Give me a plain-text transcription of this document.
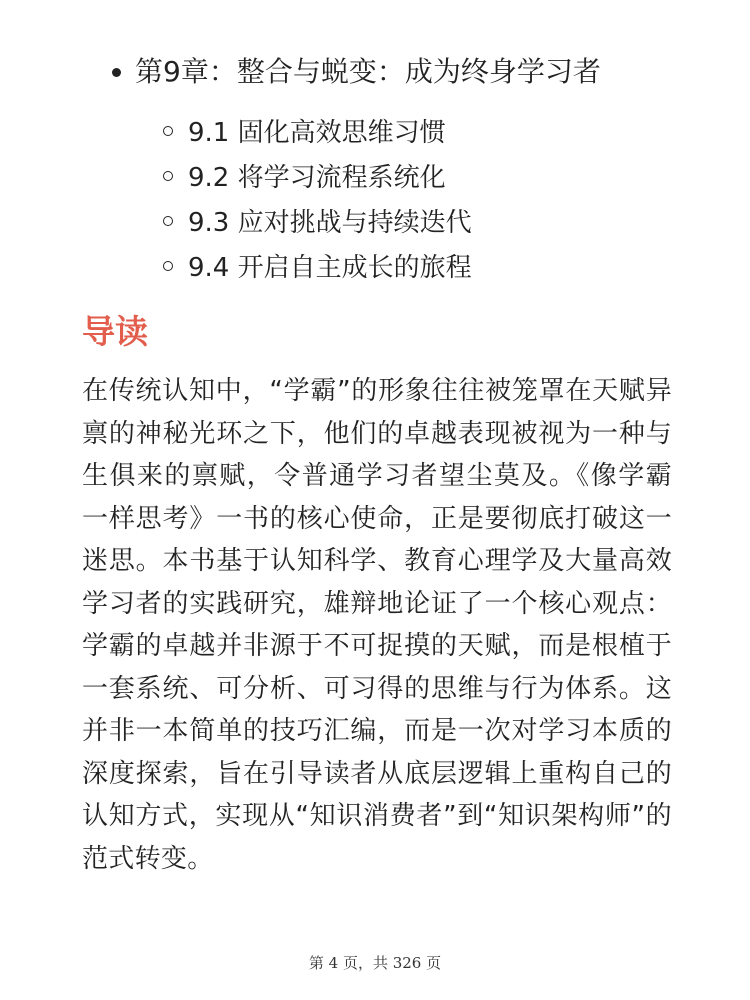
第9章：整合与蜕变：成为终身学习者
9.1 固化高效思维习惯
9.2 将学习流程系统化
9.3 应对挑战与持续迭代
9.4 开启自主成长的旅程
导读

在传统认知中，“学霸”的形象往往被笼罩在天赋异禀的神秘光环之下，他们的卓越表现被视为一种与生俱来的禀赋，令普通学习者望尘莫及。《像学霸一样思考》一书的核心使命，正是要彻底打破这一迷思。本书基于认知科学、教育心理学及大量高效学习者的实践研究，雄辩地论证了一个核心观点：学霸的卓越并非源于不可捉摸的天赋，而是根植于一套系统、可分析、可习得的思维与行为体系。这并非一本简单的技巧汇编，而是一次对学习本质的深度探索，旨在引导读者从底层逻辑上重构自己的认知方式，实现从“知识消费者”到“知识架构师”的范式转变。

第 4 页，共 326 页
